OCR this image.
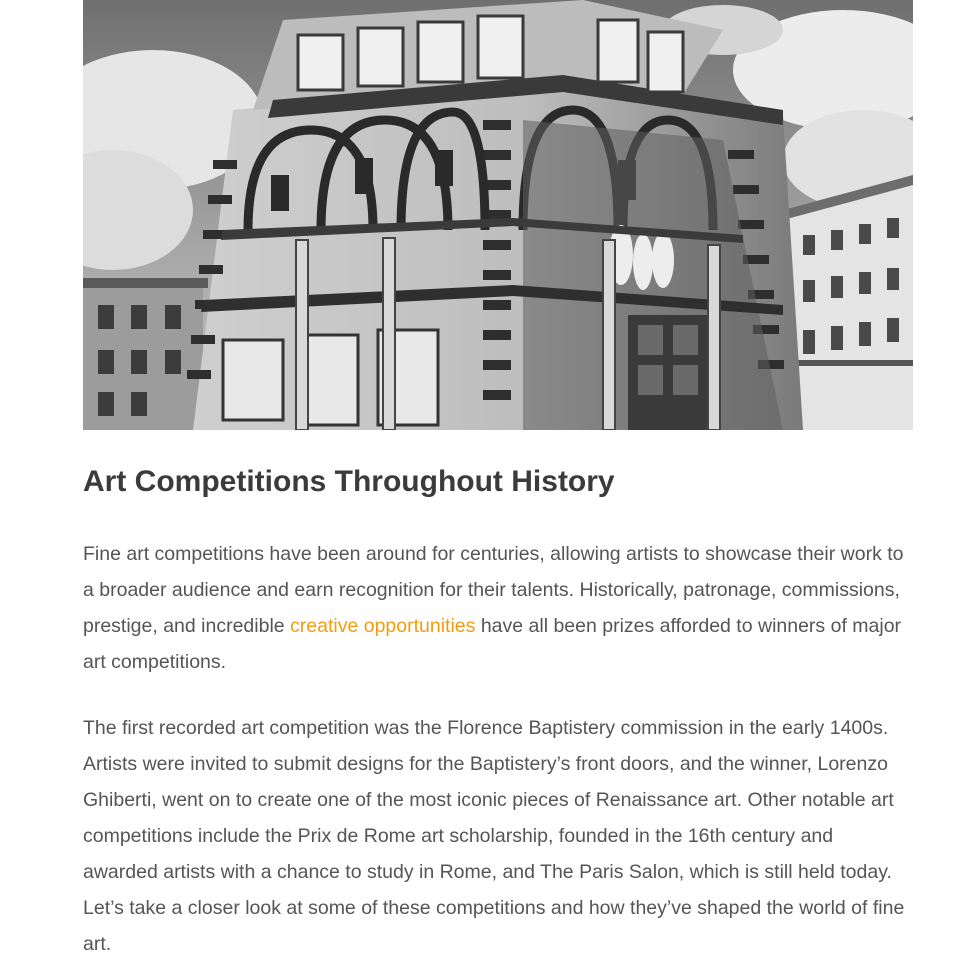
Art Competitions Throughout History

Fine art competitions have been around for centuries, allowing artists to showcase their work to a broader audience and earn recognition for their talents. Historically, patronage, commissions, prestige, and incredible creative opportunities have all been prizes afforded to winners of major art competitions.

The first recorded art competition was the Florence Baptistery commission in the early 1400s. Artists were invited to submit designs for the Baptistery’s front doors, and the winner, Lorenzo Ghiberti, went on to create one of the most iconic pieces of Renaissance art. Other notable art competitions include the Prix de Rome art scholarship, founded in the 16th century and awarded artists with a chance to study in Rome, and The Paris Salon, which is still held today. Let’s take a closer look at some of these competitions and how they’ve shaped the world of fine art.
